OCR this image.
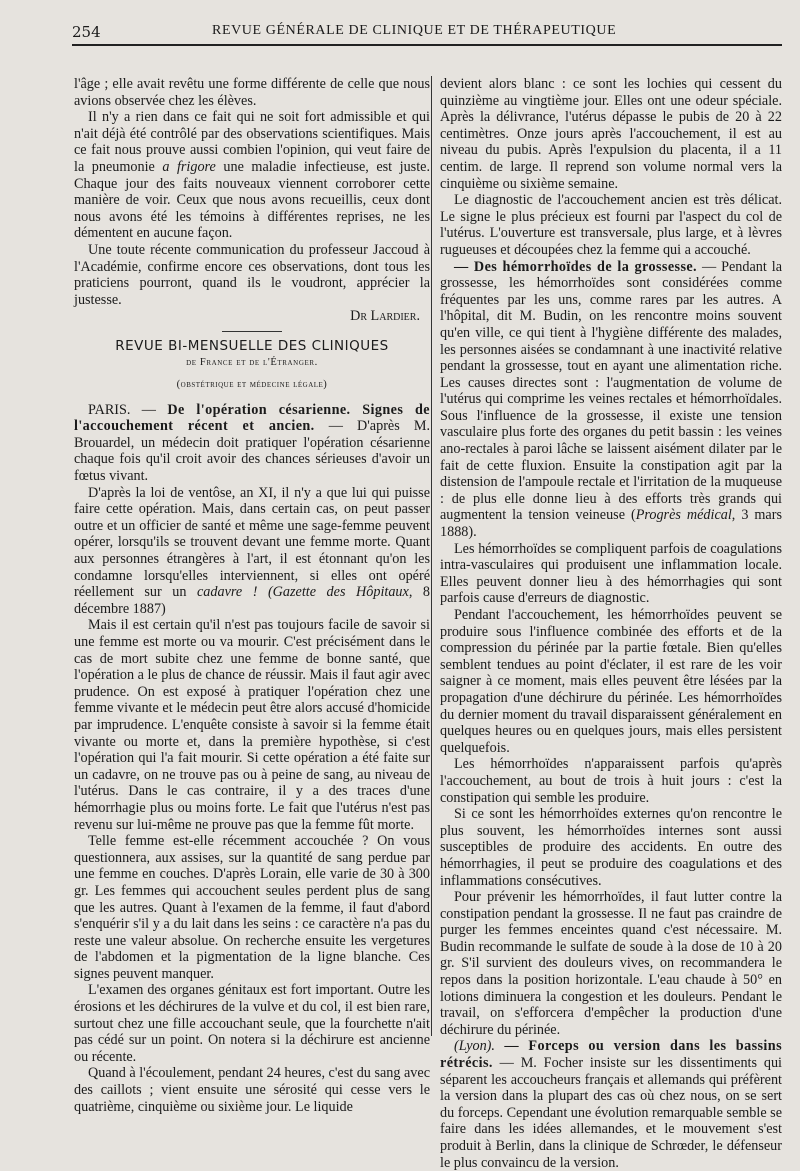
254	REVUE GÉNÉRALE DE CLINIQUE ET DE THÉRAPEUTIQUE

l'âge ; elle avait revêtu une forme différente de celle que nous avions observée chez les élèves.

Il n'y a rien dans ce fait qui ne soit fort admissible et qui n'ait déjà été contrôlé par des observations scientifiques. Mais ce fait nous prouve aussi combien l'opinion, qui veut faire de la pneumonie a frigore une maladie infectieuse, est juste. Chaque jour des faits nouveaux viennent corroborer cette manière de voir. Ceux que nous avons recueillis, ceux dont nous avons été les témoins à différentes reprises, ne les démentent en aucune façon.

Une toute récente communication du professeur Jaccoud à l'Académie, confirme encore ces observations, dont tous les praticiens pourront, quand ils le voudront, apprécier la justesse.

Dr Lardier.

REVUE BI-MENSUELLE DES CLINIQUES
de France et de l'Étranger.
(obstétrique et médecine légale)

PARIS. — De l'opération césarienne. Signes de l'accouchement récent et ancien. — D'après M. Brouardel, un médecin doit pratiquer l'opération césarienne chaque fois qu'il croit avoir des chances sérieuses d'avoir un fœtus vivant.

D'après la loi de ventôse, an XI, il n'y a que lui qui puisse faire cette opération. Mais, dans certain cas, on peut passer outre et un officier de santé et même une sage-femme peuvent opérer, lorsqu'ils se trouvent devant une femme morte. Quant aux personnes étrangères à l'art, il est étonnant qu'on les condamne lorsqu'elles interviennent, si elles ont opéré réellement sur un cadavre ! (Gazette des Hôpitaux, 8 décembre 1887)

Mais il est certain qu'il n'est pas toujours facile de savoir si une femme est morte ou va mourir. C'est précisément dans le cas de mort subite chez une femme de bonne santé, que l'opération a le plus de chance de réussir. Mais il faut agir avec prudence. On est exposé à pratiquer l'opération chez une femme vivante et le médecin peut être alors accusé d'homicide par imprudence. L'enquête consiste à savoir si la femme était vivante ou morte et, dans la première hypothèse, si c'est l'opération qui l'a fait mourir. Si cette opération a été faite sur un cadavre, on ne trouve pas ou à peine de sang, au niveau de l'utérus. Dans le cas contraire, il y a des traces d'une hémorrhagie plus ou moins forte. Le fait que l'utérus n'est pas revenu sur lui-même ne prouve pas que la femme fût morte.

Telle femme est-elle récemment accouchée ? On vous questionnera, aux assises, sur la quantité de sang perdue par une femme en couches. D'après Lorain, elle varie de 30 à 300 gr. Les femmes qui accouchent seules perdent plus de sang que les autres. Quant à l'examen de la femme, il faut d'abord s'enquérir s'il y a du lait dans les seins : ce caractère n'a pas du reste une valeur absolue. On recherche ensuite les vergetures de l'abdomen et la pigmentation de la ligne blanche. Ces signes peuvent manquer.

L'examen des organes génitaux est fort important. Outre les érosions et les déchirures de la vulve et du col, il est bien rare, surtout chez une fille accouchant seule, que la fourchette n'ait pas cédé sur un point. On notera si la déchirure est ancienne ou récente.

Quand à l'écoulement, pendant 24 heures, c'est du sang avec des caillots ; vient ensuite une sérosité qui cesse vers le quatrième, cinquième ou sixième jour. Le liquide

devient alors blanc : ce sont les lochies qui cessent du quinzième au vingtième jour. Elles ont une odeur spéciale. Après la délivrance, l'utérus dépasse le pubis de 20 à 22 centimètres. Onze jours après l'accouchement, il est au niveau du pubis. Après l'expulsion du placenta, il a 11 centim. de large. Il reprend son volume normal vers la cinquième ou sixième semaine.

Le diagnostic de l'accouchement ancien est très délicat. Le signe le plus précieux est fourni par l'aspect du col de l'utérus. L'ouverture est transversale, plus large, et à lèvres rugueuses et découpées chez la femme qui a accouché.

— Des hémorrhoïdes de la grossesse. — Pendant la grossesse, les hémorrhoïdes sont considérées comme fréquentes par les uns, comme rares par les autres. A l'hôpital, dit M. Budin, on les rencontre moins souvent qu'en ville, ce qui tient à l'hygiène différente des malades, les personnes aisées se condamnant à une inactivité relative pendant la grossesse, tout en ayant une alimentation riche. Les causes directes sont : l'augmentation de volume de l'utérus qui comprime les veines rectales et hémorrhoïdales. Sous l'influence de la grossesse, il existe une tension vasculaire plus forte des organes du petit bassin : les veines ano-rectales à paroi lâche se laissent aisément dilater par le fait de cette fluxion. Ensuite la constipation agit par la distension de l'ampoule rectale et l'irritation de la muqueuse : de plus elle donne lieu à des efforts très grands qui augmentent la tension veineuse (Progrès médical, 3 mars 1888).

Les hémorrhoïdes se compliquent parfois de coagulations intra-vasculaires qui produisent une inflammation locale. Elles peuvent donner lieu à des hémorrhagies qui sont parfois cause d'erreurs de diagnostic.

Pendant l'accouchement, les hémorrhoïdes peuvent se produire sous l'influence combinée des efforts et de la compression du périnée par la partie fœtale. Bien qu'elles semblent tendues au point d'éclater, il est rare de les voir saigner à ce moment, mais elles peuvent être lésées par la propagation d'une déchirure du périnée. Les hémorrhoïdes du dernier moment du travail disparaissent généralement en quelques heures ou en quelques jours, mais elles persistent quelquefois.

Les hémorrhoïdes n'apparaissent parfois qu'après l'accouchement, au bout de trois à huit jours : c'est la constipation qui semble les produire.

Si ce sont les hémorrhoïdes externes qu'on rencontre le plus souvent, les hémorrhoïdes internes sont aussi susceptibles de produire des accidents. En outre des hémorrhagies, il peut se produire des coagulations et des inflammations consécutives.

Pour prévenir les hémorrhoïdes, il faut lutter contre la constipation pendant la grossesse. Il ne faut pas craindre de purger les femmes enceintes quand c'est nécessaire. M. Budin recommande le sulfate de soude à la dose de 10 à 20 gr. S'il survient des douleurs vives, on recommandera le repos dans la position horizontale. L'eau chaude à 50° en lotions diminuera la congestion et les douleurs. Pendant le travail, on s'efforcera d'empêcher la production d'une déchirure du périnée.

(Lyon). — Forceps ou version dans les bassins rétrécis. — M. Focher insiste sur les dissentiments qui séparent les accoucheurs français et allemands qui préfèrent la version dans la plupart des cas où chez nous, on se sert du forceps. Cependant une évolution remarquable semble se faire dans les idées allemandes, et le mouvement s'est produit à Berlin, dans la clinique de Schrœder, le défenseur le plus convaincu de la version.
